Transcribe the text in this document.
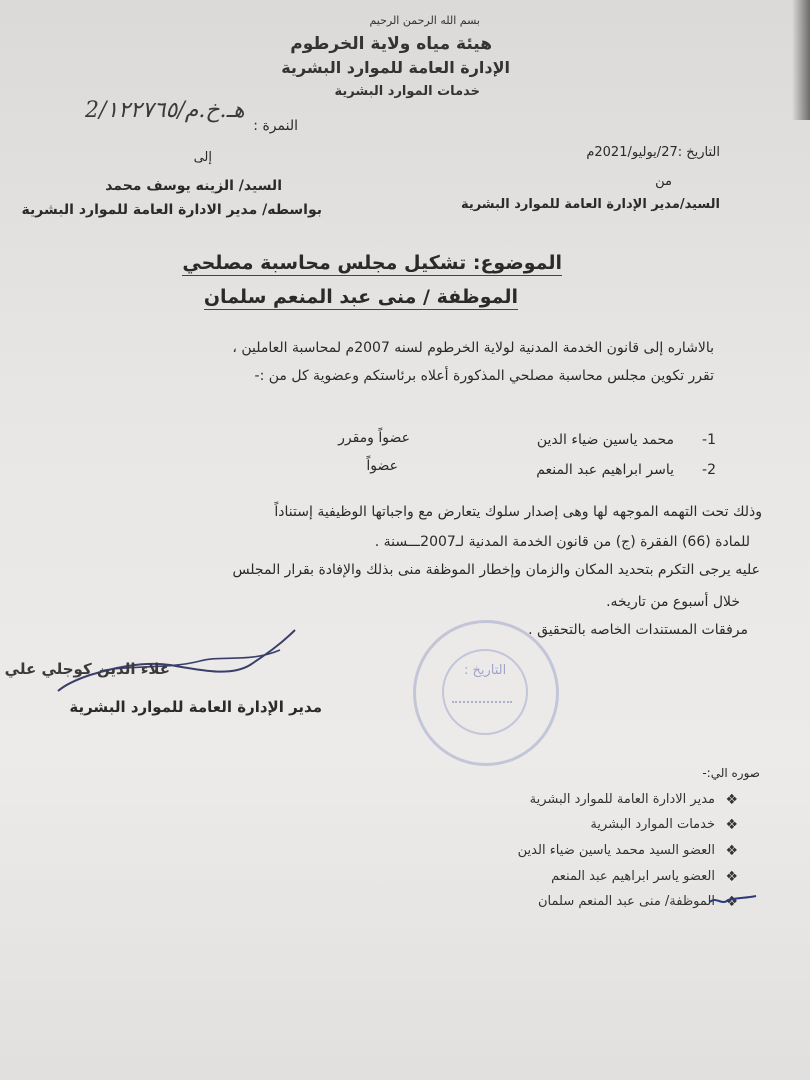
بسم الله الرحمن الرحيم
هيئة مياه ولاية الخرطوم
الإدارة العامة للموارد البشرية
خدمات الموارد البشرية
النمرة :
هـ.خ.م/2/١٢٢٧٦٥
التاريخ :27/يوليو/2021م
إلى
من
السيد/ الزينه يوسف محمد
السيد/مدير الإدارة العامة للموارد البشرية
بواسطه/ مدير الادارة العامة للموارد البشرية
الموضوع: تشكيل مجلس محاسبة مصلحي
الموظفة / منى عبد المنعم سلمان
بالاشاره إلى قانون الخدمة المدنية لولاية الخرطوم لسنه 2007م لمحاسبة العاملين ،
تقرر تكوين مجلس محاسبة مصلحي المذكورة أعلاه برئاستكم وعضوية كل من :-
1-
محمد ياسين ضياء الدين
عضواً ومقرر
2-
ياسر ابراهيم عبد المنعم
عضواً
وذلك تحت التهمه الموجهه لها وهى إصدار سلوك يتعارض مع واجباتها الوظيفية إستناداً
للمادة (66) الفقرة (ج) من قانون الخدمة المدنية لـ2007ـــسنة .
عليه يرجى التكرم بتحديد المكان والزمان وإخطار الموظفة منى بذلك والإفادة بقرار المجلس
خلال أسبوع من تاريخه.
مرفقات المستندات الخاصه بالتحقيق .
التاريخ :
علاء الدين كوجلي علي
مدير الإدارة العامة للموارد البشرية
صوره الي:-
❖
مدير الادارة العامة للموارد البشرية
❖
خدمات الموارد البشرية
❖
العضو السيد محمد ياسين ضياء الدين
❖
العضو ياسر ابراهيم عبد المنعم
❖
الموظفة/ منى عبد المنعم سلمان
